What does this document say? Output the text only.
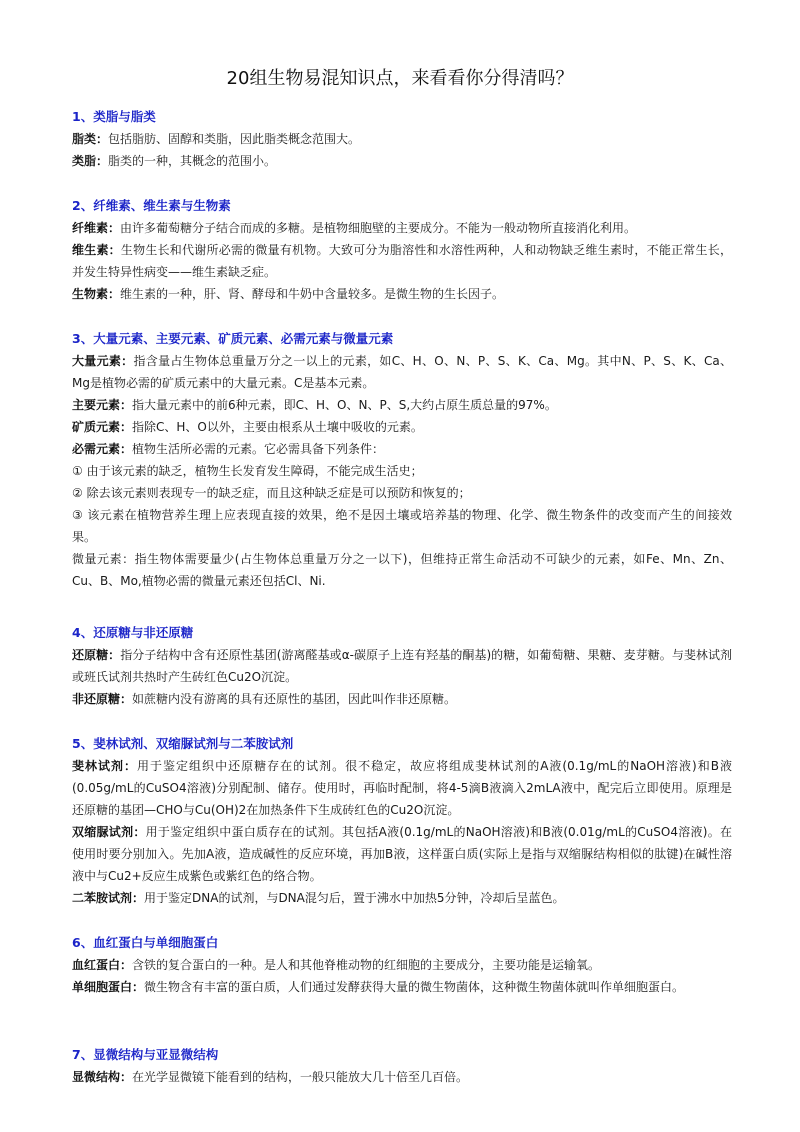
20组生物易混知识点，来看看你分得清吗？
1、类脂与脂类
脂类：包括脂肪、固醇和类脂，因此脂类概念范围大。
类脂：脂类的一种，其概念的范围小。
2、纤维素、维生素与生物素
纤维素：由许多葡萄糖分子结合而成的多糖。是植物细胞壁的主要成分。不能为一般动物所直接消化利用。
维生素：生物生长和代谢所必需的微量有机物。大致可分为脂溶性和水溶性两种，人和动物缺乏维生素时，不能正常生长，并发生特异性病变——维生素缺乏症。
生物素：维生素的一种，肝、肾、酵母和牛奶中含量较多。是微生物的生长因子。
3、大量元素、主要元素、矿质元素、必需元素与微量元素
大量元素：指含量占生物体总重量万分之一以上的元素，如C、H、O、N、P、S、K、Ca、Mg。其中N、P、S、K、Ca、Mg是植物必需的矿质元素中的大量元素。C是基本元素。
主要元素：指大量元素中的前6种元素，即C、H、O、N、P、S,大约占原生质总量的97%。
矿质元素：指除C、H、O以外，主要由根系从土壤中吸收的元素。
必需元素：植物生活所必需的元素。它必需具备下列条件：
① 由于该元素的缺乏，植物生长发育发生障碍，不能完成生活史；
② 除去该元素则表现专一的缺乏症，而且这种缺乏症是可以预防和恢复的；
③ 该元素在植物营养生理上应表现直接的效果，绝不是因土壤或培养基的物理、化学、微生物条件的改变而产生的间接效果。
微量元素：指生物体需要量少(占生物体总重量万分之一以下)，但维持正常生命活动不可缺少的元素，如Fe、Mn、Zn、Cu、B、Mo,植物必需的微量元素还包括Cl、Ni.
4、还原糖与非还原糖
还原糖：指分子结构中含有还原性基团(游离醛基或α-碳原子上连有羟基的酮基)的糖，如葡萄糖、果糖、麦芽糖。与斐林试剂或班氏试剂共热时产生砖红色Cu2O沉淀。
非还原糖：如蔗糖内没有游离的具有还原性的基团，因此叫作非还原糖。
5、斐林试剂、双缩脲试剂与二苯胺试剂
斐林试剂：用于鉴定组织中还原糖存在的试剂。很不稳定，故应将组成斐林试剂的A液(0.1g/mL的NaOH溶液)和B液(0.05g/mL的CuSO4溶液)分别配制、储存。使用时，再临时配制，将4-5滴B液滴入2mLA液中，配完后立即使用。原理是还原糖的基团—CHO与Cu(OH)2在加热条件下生成砖红色的Cu2O沉淀。
双缩脲试剂：用于鉴定组织中蛋白质存在的试剂。其包括A液(0.1g/mL的NaOH溶液)和B液(0.01g/mL的CuSO4溶液)。在使用时要分别加入。先加A液，造成碱性的反应环境，再加B液，这样蛋白质(实际上是指与双缩脲结构相似的肽键)在碱性溶液中与Cu2+反应生成紫色或紫红色的络合物。
二苯胺试剂：用于鉴定DNA的试剂，与DNA混匀后，置于沸水中加热5分钟，冷却后呈蓝色。
6、血红蛋白与单细胞蛋白
血红蛋白：含铁的复合蛋白的一种。是人和其他脊椎动物的红细胞的主要成分，主要功能是运输氧。
单细胞蛋白：微生物含有丰富的蛋白质，人们通过发酵获得大量的微生物菌体，这种微生物菌体就叫作单细胞蛋白。
7、显微结构与亚显微结构
显微结构：在光学显微镜下能看到的结构，一般只能放大几十倍至几百倍。
